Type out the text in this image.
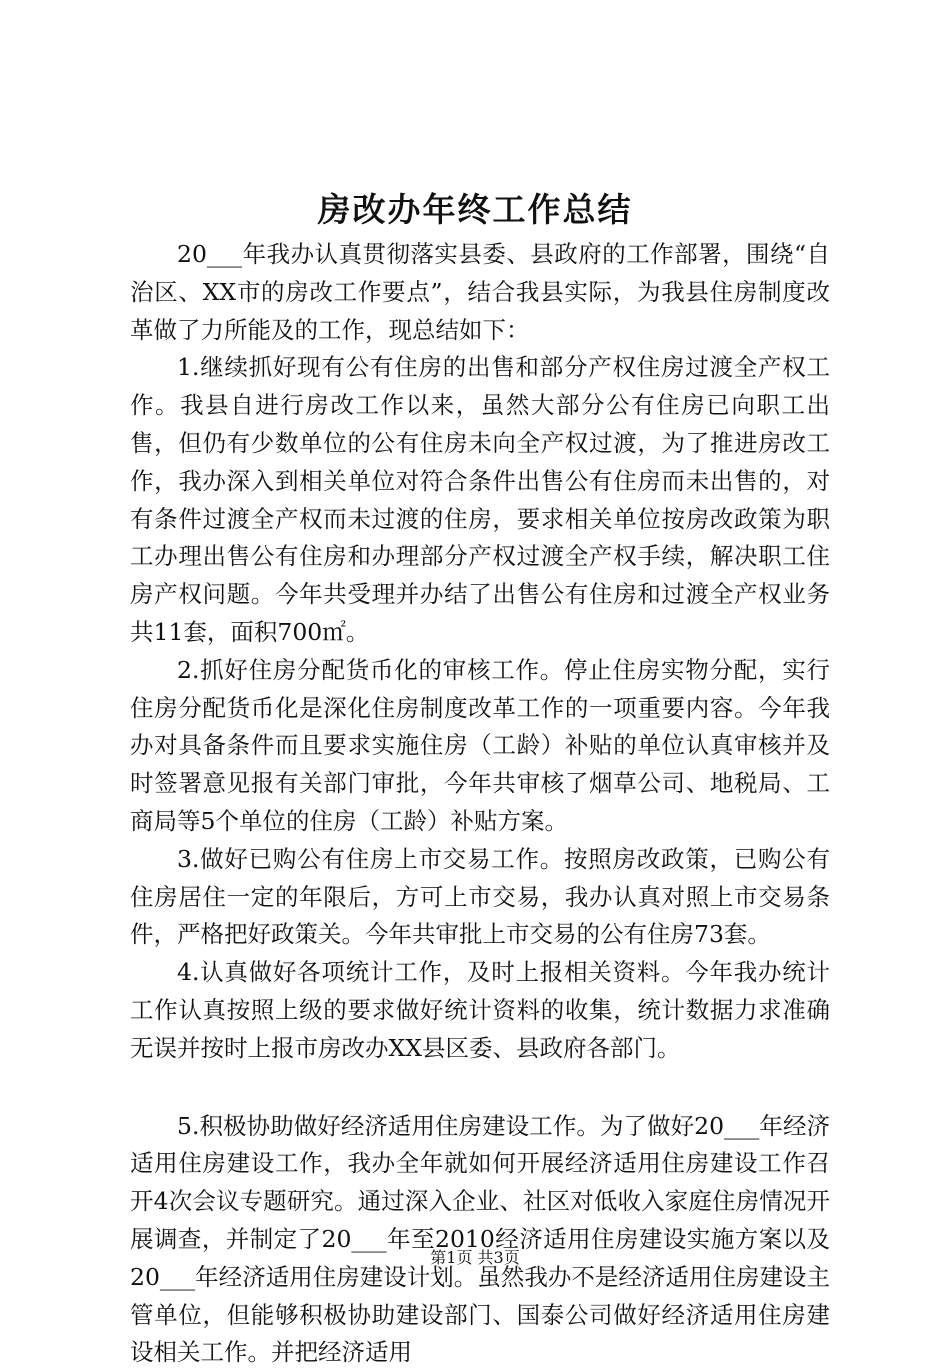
房改办年终工作总结

20___年我办认真贯彻落实县委、县政府的工作部署，围绕“自治区、XX市的房改工作要点”，结合我县实际，为我县住房制度改革做了力所能及的工作，现总结如下：

1.继续抓好现有公有住房的出售和部分产权住房过渡全产权工作。我县自进行房改工作以来，虽然大部分公有住房已向职工出售，但仍有少数单位的公有住房未向全产权过渡，为了推进房改工作，我办深入到相关单位对符合条件出售公有住房而未出售的，对有条件过渡全产权而未过渡的住房，要求相关单位按房改政策为职工办理出售公有住房和办理部分产权过渡全产权手续，解决职工住房产权问题。今年共受理并办结了出售公有住房和过渡全产权业务共11套，面积700㎡。

2.抓好住房分配货币化的审核工作。停止住房实物分配，实行住房分配货币化是深化住房制度改革工作的一项重要内容。今年我办对具备条件而且要求实施住房（工龄）补贴的单位认真审核并及时签署意见报有关部门审批，今年共审核了烟草公司、地税局、工商局等5个单位的住房（工龄）补贴方案。

3.做好已购公有住房上市交易工作。按照房改政策，已购公有住房居住一定的年限后，方可上市交易，我办认真对照上市交易条件，严格把好政策关。今年共审批上市交易的公有住房73套。

4.认真做好各项统计工作，及时上报相关资料。今年我办统计工作认真按照上级的要求做好统计资料的收集，统计数据力求准确无误并按时上报市房改办XX县区委、县政府各部门。

5.积极协助做好经济适用住房建设工作。为了做好20___年经济适用住房建设工作，我办全年就如何开展经济适用住房建设工作召开4次会议专题研究。通过深入企业、社区对低收入家庭住房情况开展调查，并制定了20___年至2010经济适用住房建设实施方案以及20___年经济适用住房建设计划。虽然我办不是经济适用住房建设主管单位，但能够积极协助建设部门、国泰公司做好经济适用住房建设相关工作。并把经济适用

第1页 共3页
